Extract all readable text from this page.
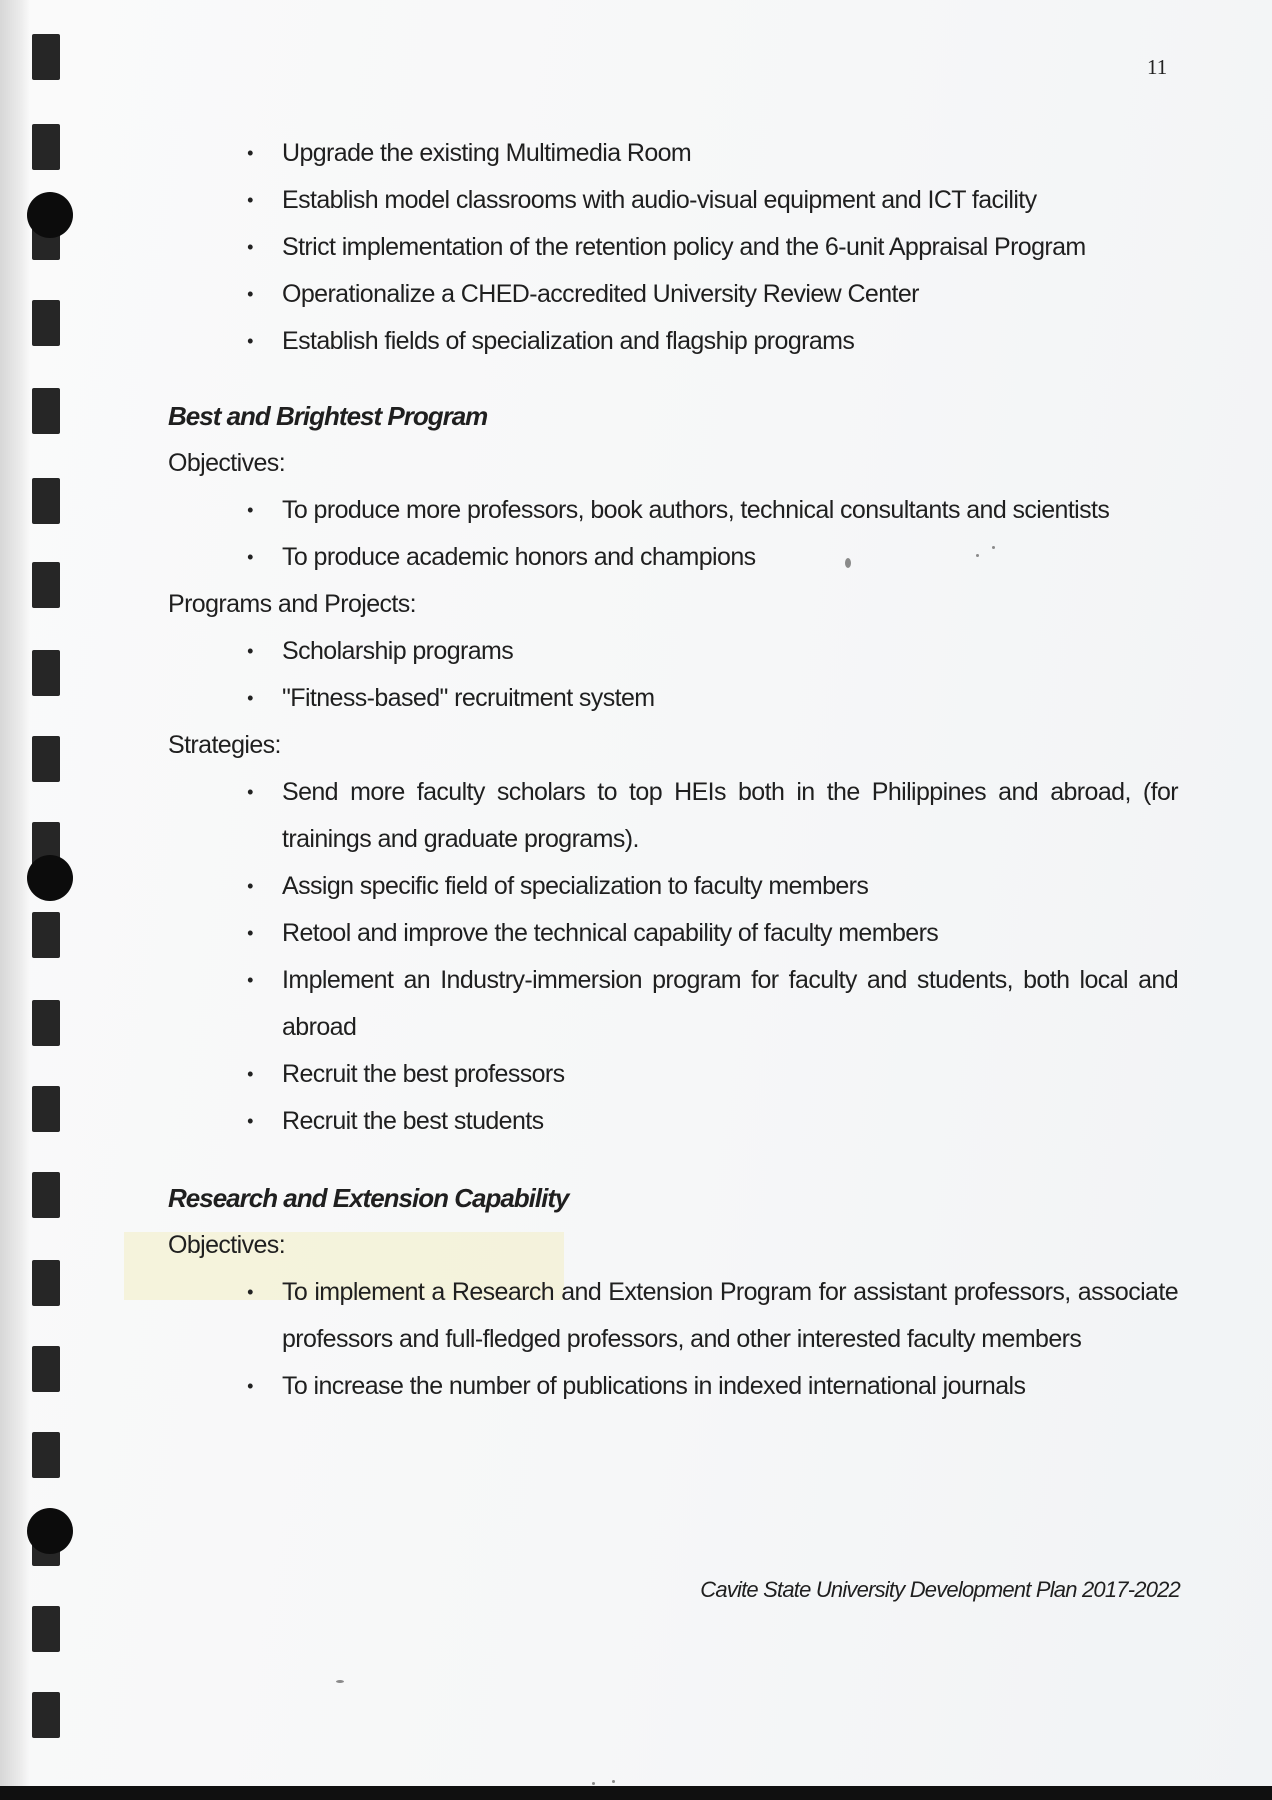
11
• Upgrade the existing Multimedia Room
• Establish model classrooms with audio-visual equipment and ICT facility
• Strict implementation of the retention policy and the 6-unit Appraisal Program
• Operationalize a CHED-accredited University Review Center
• Establish fields of specialization and flagship programs
Best and Brightest Program

Objectives:

• To produce more professors, book authors, technical consultants and scientists
• To produce academic honors and champions

Programs and Projects:

• Scholarship programs
• "Fitness-based" recruitment system

Strategies:

• Send more faculty scholars to top HEIs both in the Philippines and abroad, (for trainings and graduate programs).
• Assign specific field of specialization to faculty members
• Retool and improve the technical capability of faculty members
• Implement an Industry-immersion program for faculty and students, both local and abroad
• Recruit the best professors
• Recruit the best students
Research and Extension Capability

Objectives:

• To implement a Research and Extension Program for assistant professors, associate professors and full-fledged professors, and other interested faculty members
• To increase the number of publications in indexed international journals
Cavite State University Development Plan 2017-2022
